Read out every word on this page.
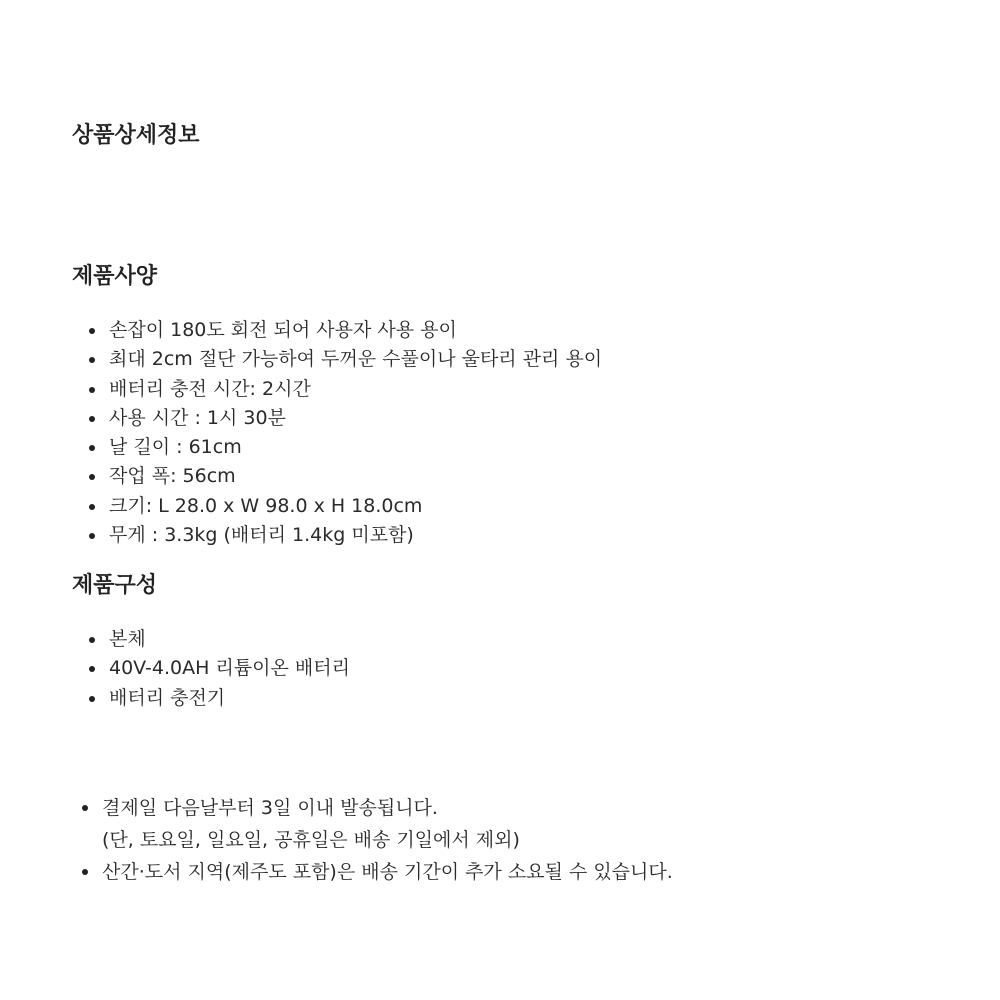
상품상세정보
제품사양
손잡이 180도 회전 되어 사용자 사용 용이
최대 2cm 절단 가능하여 두꺼운 수풀이나 울타리 관리 용이
배터리 충전 시간: 2시간
사용 시간 : 1시 30분
날 길이 : 61cm
작업 폭: 56cm
크기: L 28.0 x W 98.0 x H 18.0cm
무게 : 3.3kg (배터리 1.4kg 미포함)
제품구성
본체
40V-4.0AH 리튬이온 배터리
배터리 충전기
결제일 다음날부터 3일 이내 발송됩니다.
(단, 토요일, 일요일, 공휴일은 배송 기일에서 제외)
산간·도서 지역(제주도 포함)은 배송 기간이 추가 소요될 수 있습니다.
